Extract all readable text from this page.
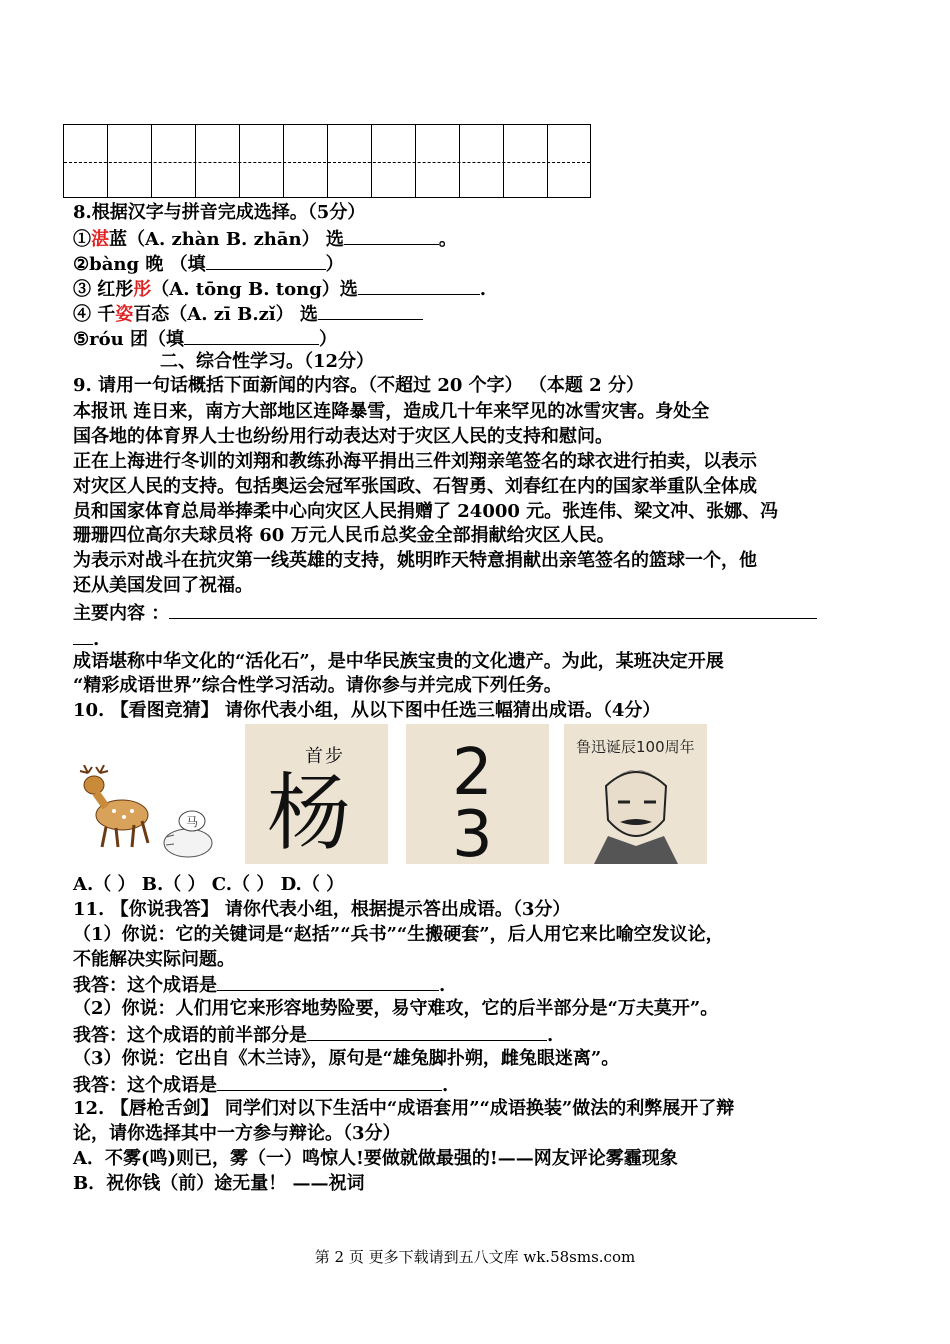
8.根据汉字与拼音完成选择。（5分）
①湛蓝（A. zhàn B. zhān） 选	。
②bàng 晚 （填	）
③ 红彤彤（A. tōng B. tong）选	.
④ 千姿百态（A. zī B.zǐ） 选
⑤róu 团（填	）
二、综合性学习。（12分）
9. 请用一句话概括下面新闻的内容。（不超过 20 个字） （本题 2 分）
本报讯 连日来，南方大部地区连降暴雪，造成几十年来罕见的冰雪灾害。身处全
国各地的体育界人士也纷纷用行动表达对于灾区人民的支持和慰问。
正在上海进行冬训的刘翔和教练孙海平捐出三件刘翔亲笔签名的球衣进行拍卖，以表示
对灾区人民的支持。包括奥运会冠军张国政、石智勇、刘春红在内的国家举重队全体成
员和国家体育总局举捧柔中心向灾区人民捐赠了 24000 元。张连伟、梁文冲、张娜、冯
珊珊四位高尔夫球员将 60 万元人民币总奖金全部捐献给灾区人民。
为表示对战斗在抗灾第一线英雄的支持，姚明昨天特意捐献出亲笔签名的篮球一个，他
还从美国发回了祝福。
主要内容 ：
.
成语堪称中华文化的“活化石”，是中华民族宝贵的文化遗产。为此，某班决定开展
“精彩成语世界”综合性学习活动。请你参与并完成下列任务。
10. 【看图竞猜】 请你代表小组，从以下图中任选三幅猜出成语。（4分）
马
首 步
杨 2
3
鲁迅诞辰100周年
A.（ ） B.（ ） C.（ ） D.（ ）
11. 【你说我答】 请你代表小组，根据提示答出成语。（3分）
（1）你说：它的关键词是“赵括”“兵书”“生搬硬套”，后人用它来比喻空发议论，
不能解决实际问题。
我答：这个成语是	.
（2）你说：人们用它来形容地势险要，易守难攻，它的后半部分是“万夫莫开”。
我答：这个成语的前半部分是	.
（3）你说：它出自《木兰诗》，原句是“雄兔脚扑朔，雌兔眼迷离”。
我答：这个成语是	.
12. 【唇枪舌剑】 同学们对以下生活中“成语套用”“成语换装”做法的利弊展开了辩
论，请你选择其中一方参与辩论。（3分）
A．不雾(鸣)则已，雾（一）鸣惊人!要做就做最强的!——网友评论雾霾现象
B．祝你钱（前）途无量！ ——祝词
第 2 页 更多下载请到五八文库 wk.58sms.com
